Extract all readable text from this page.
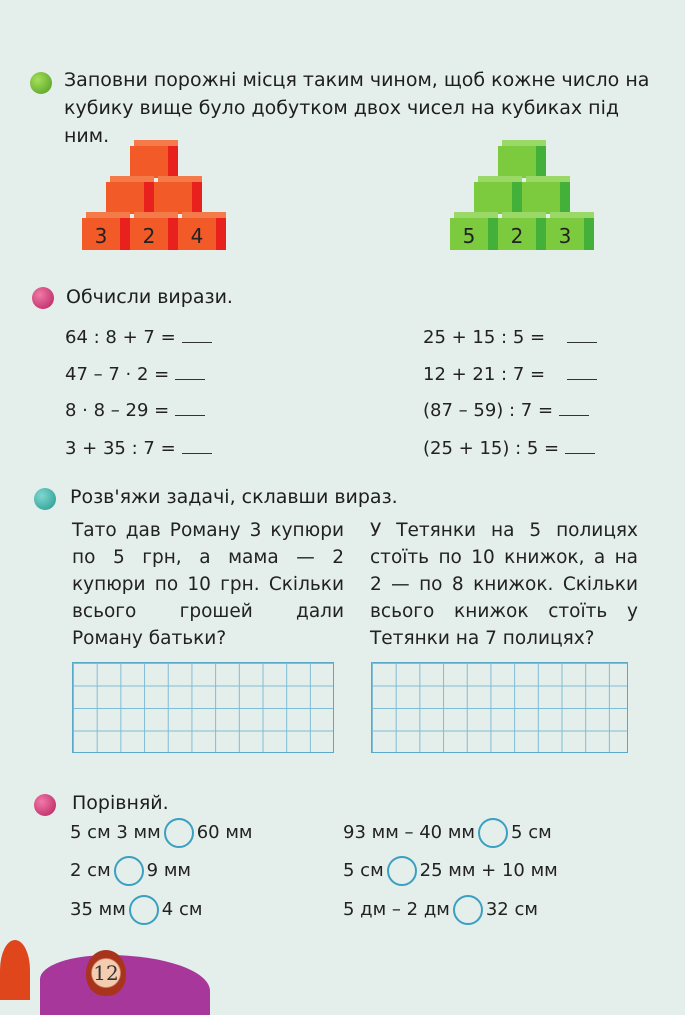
Заповни порожні місця таким чином, щоб кожне число на кубику вище було добутком двох чисел на кубиках під ним.
3	2	4	5	2	3
Обчисли вирази.
64 : 8 + 7 =
47 – 7 · 2 =
8 · 8 – 29 =
3 + 35 : 7 =
25 + 15 : 5 =
12 + 21 : 7 =
(87 – 59) : 7 =
(25 + 15) : 5 =
Розв'яжи задачі, склавши вираз.
Тато дав Роману 3 купюри по 5 грн, а мама — 2 купюри по 10 грн. Скільки всього грошей дали Роману батьки?
У Тетянки на 5 полицях стоїть по 10 книжок, а на 2 — по 8 книжок. Скільки всього книжок стоїть у Тетянки на 7 полицях?
Порівняй.
5 см 3 мм 60 мм
2 см 9 мм
35 мм 4 см
93 мм – 40 мм 5 см
5 см 25 мм + 10 мм
5 дм – 2 дм 32 см
12
